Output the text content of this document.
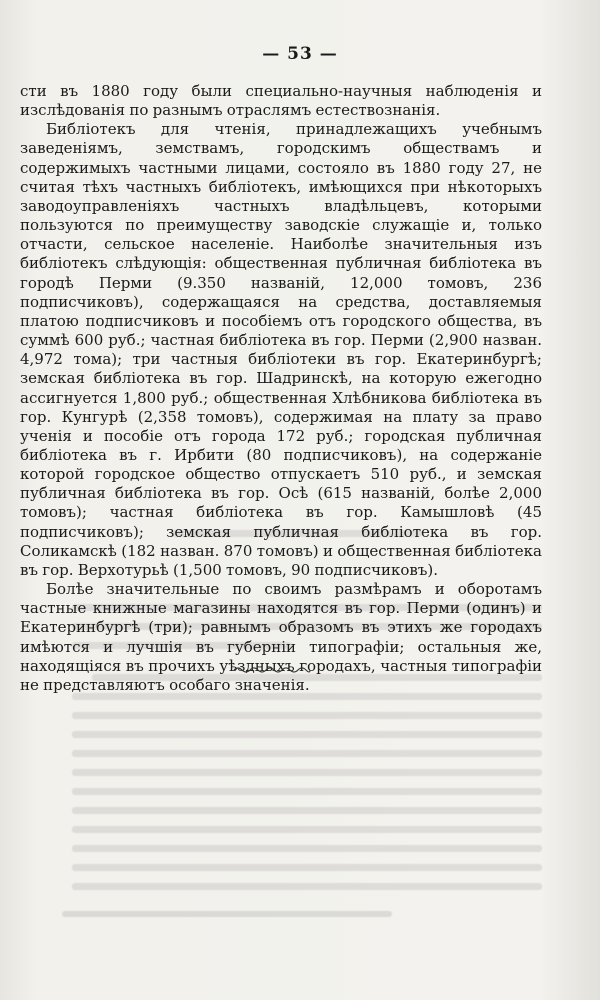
— 53 —

сти въ 1880 году были специально-научныя наблюденія и изслѣдованія по разнымъ отраслямъ естествознанія.

Библіотекъ для чтенія, принадлежащихъ учебнымъ заведеніямъ, земствамъ, городскимъ обществамъ и содержимыхъ частными лицами, состояло въ 1880 году 27, не считая тѣхъ частныхъ библіотекъ, имѣющихся при нѣкоторыхъ заводоуправленіяхъ частныхъ владѣльцевъ, которыми пользуются по преимуществу заводскіе служащіе и, только отчасти, сельское населеніе. Наиболѣе значительныя изъ библіотекъ слѣдующія: общественная публичная библіотека въ городѣ Перми (9.350 названій, 12,000 томовъ, 236 подписчиковъ), содержащаяся на средства, доставляемыя платою подписчиковъ и пособіемъ отъ городского общества, въ суммѣ 600 руб.; частная библіотека въ гор. Перми (2,900 назван. 4,972 тома); три частныя библіотеки въ гор. Екатеринбургѣ; земская библіотека въ гор. Шадринскѣ, на которую ежегодно ассигнуется 1,800 руб.; общественная Хлѣбникова библіотека въ гор. Кунгурѣ (2,358 томовъ), содержимая на плату за право ученія и пособіе отъ города 172 руб.; городская публичная библіотека въ г. Ирбити (80 подписчиковъ), на содержаніе которой городское общество отпускаетъ 510 руб., и земская публичная библіотека въ гор. Осѣ (615 названій, болѣе 2,000 томовъ); частная библіотека въ гор. Камышловѣ (45 подписчиковъ); земская публичная библіотека въ гор. Соликамскѣ (182 назван. 870 томовъ) и общественная библіотека въ гор. Верхотурьѣ (1,500 томовъ, 90 подписчиковъ).

Болѣе значительные по своимъ размѣрамъ и оборотамъ частные книжные магазины находятся въ гор. Перми (одинъ) и Екатеринбургѣ (три); равнымъ образомъ въ этихъ же городахъ имѣются и лучшія въ губерніи типографіи; остальныя же, находящіяся въ прочихъ уѣздныхъ городахъ, частныя типографіи не представляютъ особаго значенія.
